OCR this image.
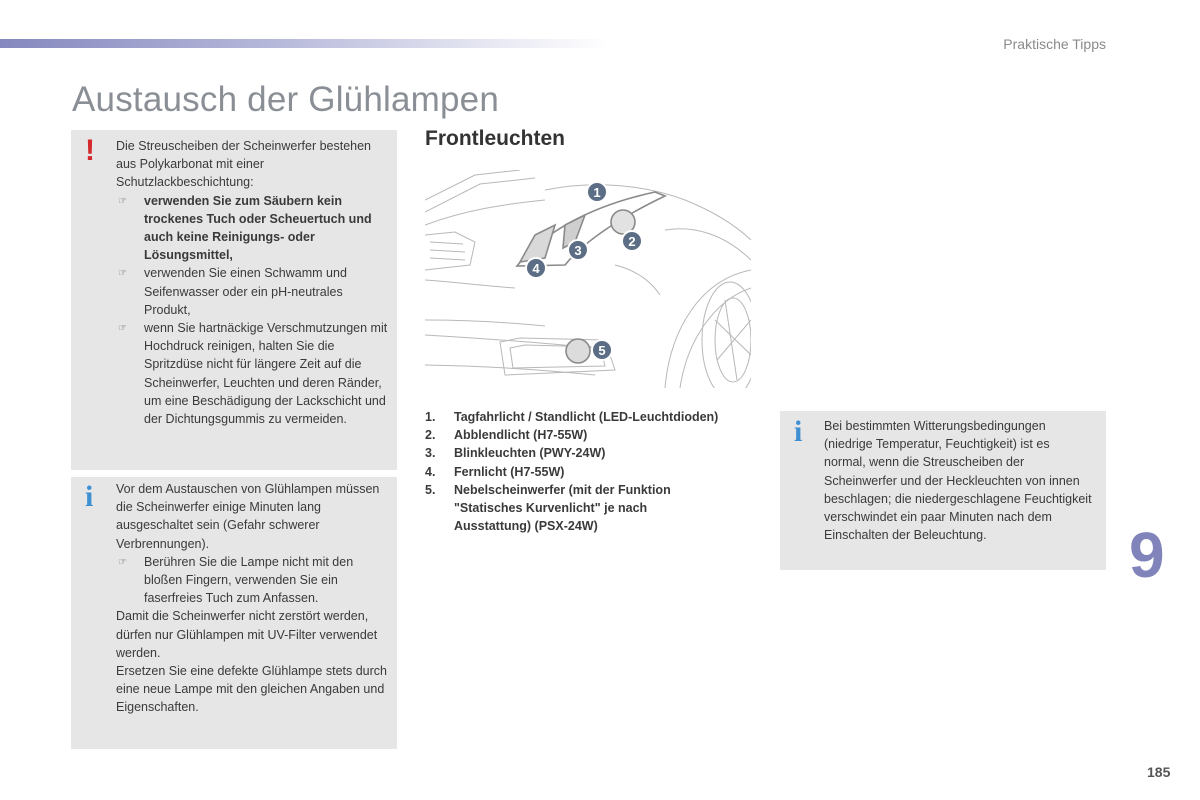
Praktische Tipps
Austausch der Glühlampen
! Die Streuscheiben der Scheinwerfer bestehen aus Polykarbonat mit einer Schutzlackbeschichtung:

☞ verwenden Sie zum Säubern kein trockenes Tuch oder Scheuertuch und auch keine Reinigungs- oder Lösungsmittel,
☞ verwenden Sie einen Schwamm und Seifenwasser oder ein pH-neutrales Produkt,
☞ wenn Sie hartnäckige Verschmutzungen mit Hochdruck reinigen, halten Sie die Spritzdüse nicht für längere Zeit auf die Scheinwerfer, Leuchten und deren Ränder, um eine Beschädigung der Lackschicht und der Dichtungsgummis zu vermeiden.
i Vor dem Austauschen von Glühlampen müssen die Scheinwerfer einige Minuten lang ausgeschaltet sein (Gefahr schwerer Verbrennungen).

☞ Berühren Sie die Lampe nicht mit den bloßen Fingern, verwenden Sie ein faserfreies Tuch zum Anfassen.

Damit die Scheinwerfer nicht zerstört werden, dürfen nur Glühlampen mit UV-Filter verwendet werden.

Ersetzen Sie eine defekte Glühlampe stets durch eine neue Lampe mit den gleichen Angaben und Eigenschaften.

Frontleuchten
1
2
3
4
5
1. Tagfahrlicht / Standlicht (LED-Leuchtdioden)
2. Abblendlicht (H7-55W)
3. Blinkleuchten (PWY-24W)
4. Fernlicht (H7-55W)
5. Nebelscheinwerfer (mit der Funktion "Statisches Kurvenlicht" je nach Ausstattung) (PSX-24W)
i Bei bestimmten Witterungsbedingungen (niedrige Temperatur, Feuchtigkeit) ist es normal, wenn die Streuscheiben der Scheinwerfer und der Heckleuchten von innen beschlagen; die niedergeschlagene Feuchtigkeit verschwindet ein paar Minuten nach dem Einschalten der Beleuchtung.	9
185
